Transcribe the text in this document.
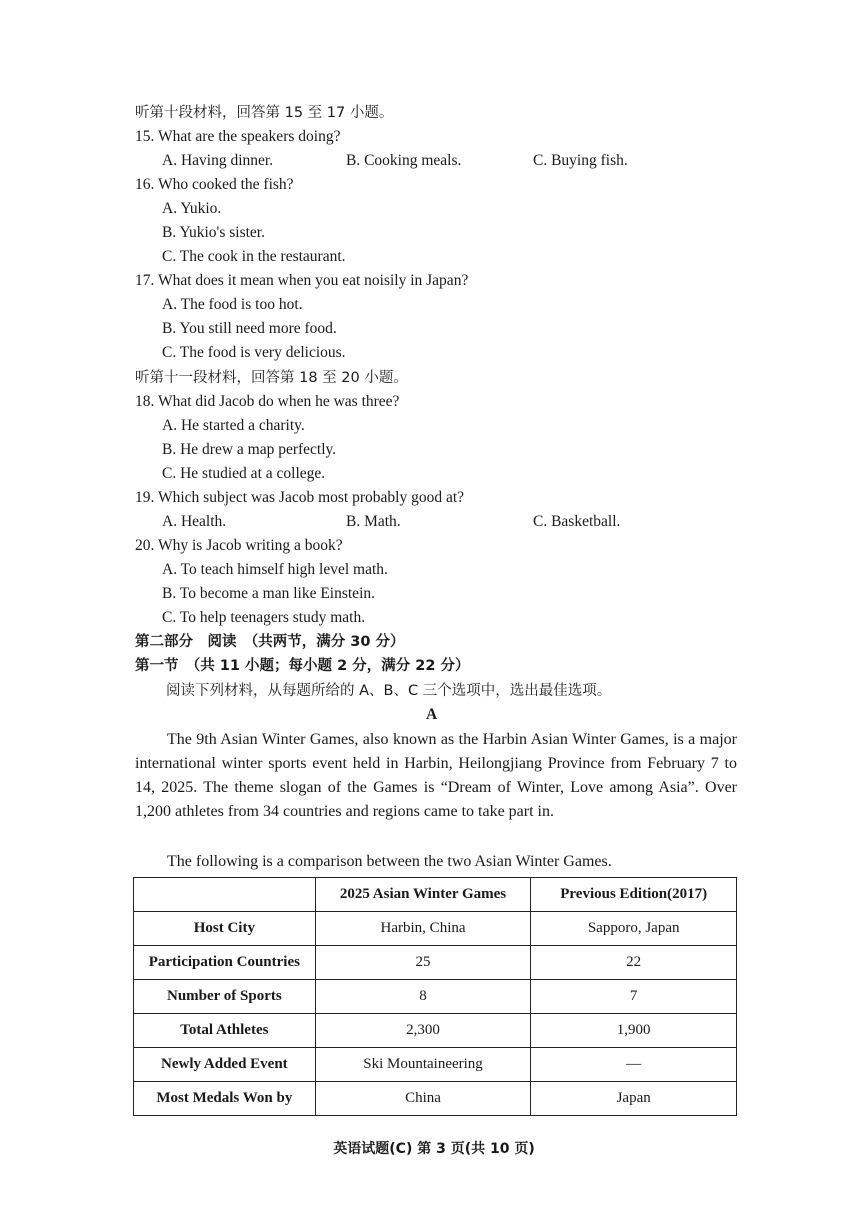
听第十段材料，回答第 15 至 17 小题。
15. What are the speakers doing?
A. Having dinner.	B. Cooking meals.	C. Buying fish.
16. Who cooked the fish?
A. Yukio.
B. Yukio's sister.
C. The cook in the restaurant.
17. What does it mean when you eat noisily in Japan?
A. The food is too hot.
B. You still need more food.
C. The food is very delicious.
听第十一段材料，回答第 18 至 20 小题。
18. What did Jacob do when he was three?
A. He started a charity.
B. He drew a map perfectly.
C. He studied at a college.
19. Which subject was Jacob most probably good at?
A. Health.	B. Math.	C. Basketball.
20. Why is Jacob writing a book?
A. To teach himself high level math.
B. To become a man like Einstein.
C. To help teenagers study math.
第二部分　阅读　（共两节，满分 30 分）
第一节　（共 11 小题；每小题 2 分，满分 22 分）
阅读下列材料，从每题所给的 A、B、C 三个选项中，选出最佳选项。
A
The 9th Asian Winter Games, also known as the Harbin Asian Winter Games, is a major international winter sports event held in Harbin, Heilongjiang Province from February 7 to 14, 2025. The theme slogan of the Games is “Dream of Winter, Love among Asia”. Over 1,200 athletes from 34 countries and regions came to take part in.
The following is a comparison between the two Asian Winter Games.
	2025 Asian Winter Games	Previous Edition(2017)
Host City	Harbin, China	Sapporo, Japan
Participation Countries	25	22
Number of Sports	8	7
Total Athletes	2,300	1,900
Newly Added Event	Ski Mountaineering	—
Most Medals Won by	China	Japan
英语试题(C) 第 3 页(共 10 页)
